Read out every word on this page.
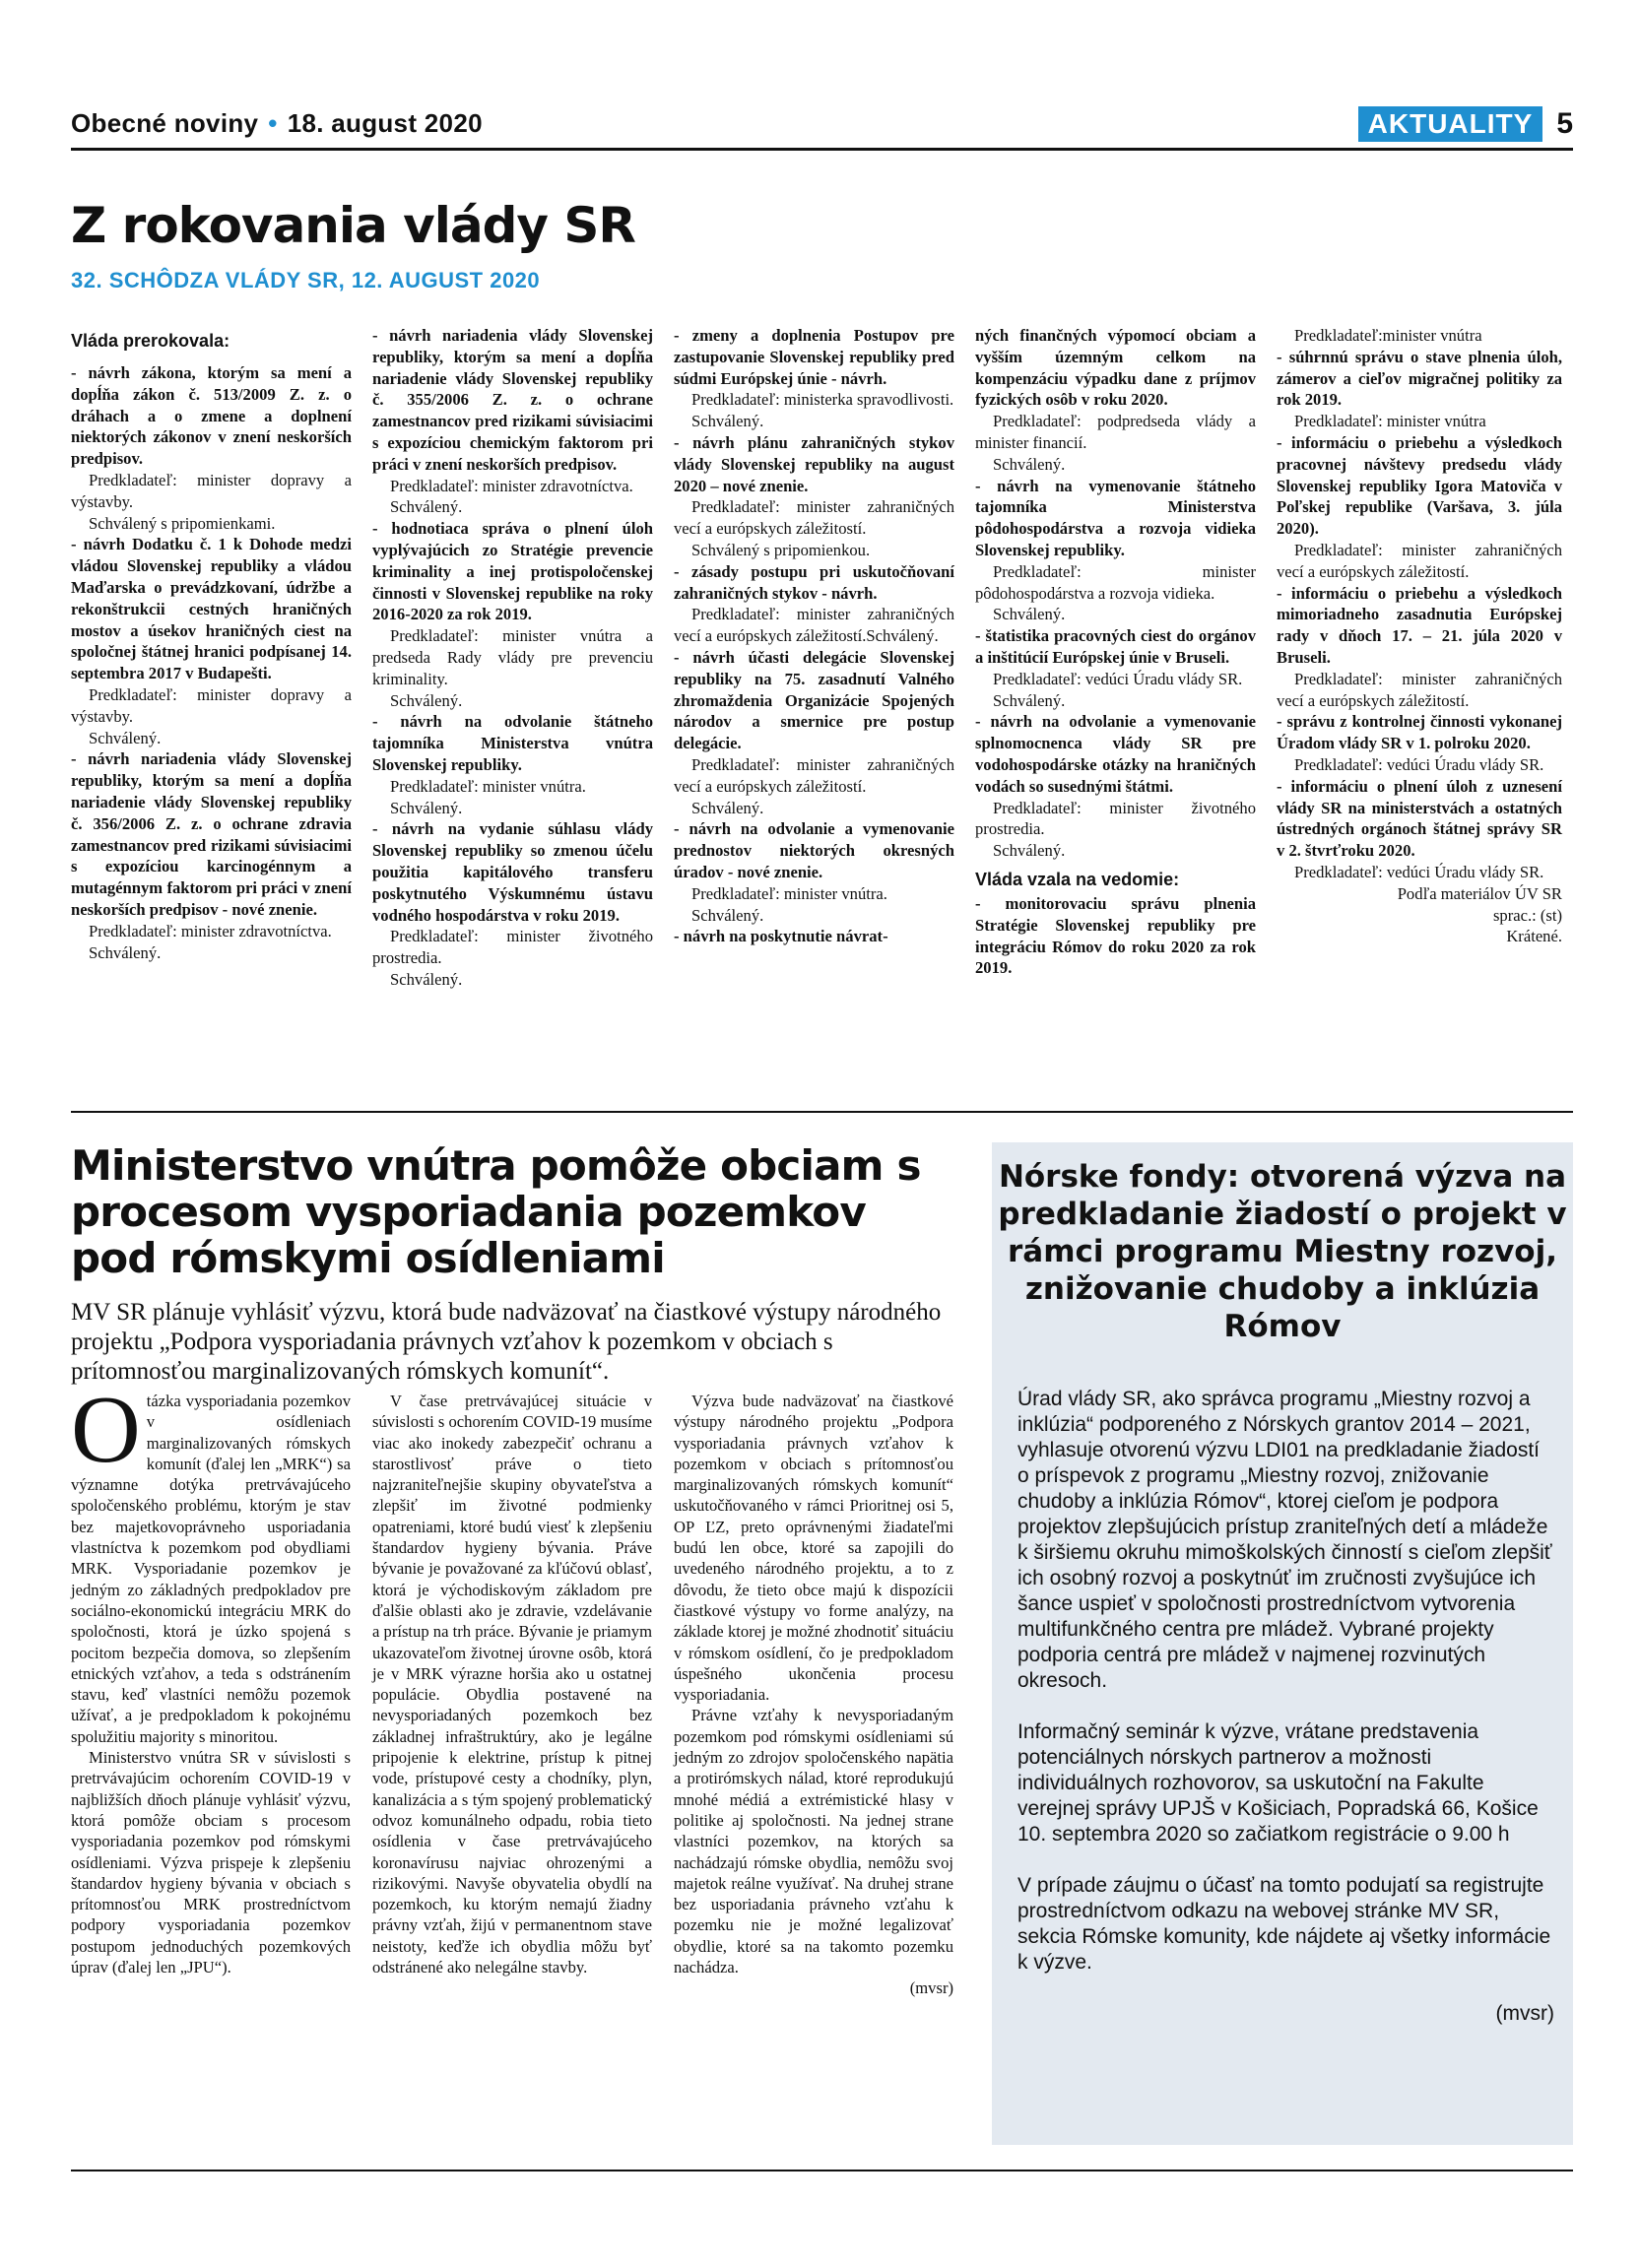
Obecné noviny • 18. august 2020	AKTUALITY 5
Z rokovania vlády SR
32. SCHÔDZA VLÁDY SR, 12. AUGUST 2020

Vláda prerokovala:

- návrh zákona, ktorým sa mení a dopĺňa zákon č. 513/2009 Z. z. o dráhach a o zmene a doplnení niektorých zákonov v znení neskorších predpisov.

Predkladateľ: minister dopravy a výstavby.

Schválený s pripomienkami.

- návrh Dodatku č. 1 k Dohode medzi vládou Slovenskej republiky a vládou Maďarska o prevádzkovaní, údržbe a rekonštrukcii cestných hraničných mostov a úsekov hraničných ciest na spoločnej štátnej hranici podpísanej 14. septembra 2017 v Budapešti.

Predkladateľ: minister dopravy a výstavby.

Schválený.

- návrh nariadenia vlády Slovenskej republiky, ktorým sa mení a dopĺňa nariadenie vlády Slovenskej republiky č. 356/2006 Z. z. o ochrane zdravia zamestnancov pred rizikami súvisiacimi s expozíciou karcinogénnym a mutagénnym faktorom pri práci v znení neskorších predpisov - nové znenie.

Predkladateľ: minister zdravotníctva.

Schválený.

- návrh nariadenia vlády Slovenskej republiky, ktorým sa mení a dopĺňa nariadenie vlády Slovenskej republiky č. 355/2006 Z. z. o ochrane zamestnancov pred rizikami súvisiacimi s expozíciou chemickým faktorom pri práci v znení neskorších predpisov.

Predkladateľ: minister zdravotníctva.

Schválený.

- hodnotiaca správa o plnení úloh vyplývajúcich zo Stratégie prevencie kriminality a inej protispoločenskej činnosti v Slovenskej republike na roky 2016-2020 za rok 2019.

Predkladateľ: minister vnútra a predseda Rady vlády pre prevenciu kriminality.

Schválený.

- návrh na odvolanie štátneho tajomníka Ministerstva vnútra Slovenskej republiky.

Predkladateľ: minister vnútra.

Schválený.

- návrh na vydanie súhlasu vlády Slovenskej republiky so zmenou účelu použitia kapitálového transferu poskytnutého Výskumnému ústavu vodného hospodárstva v roku 2019.

Predkladateľ: minister životného prostredia.

Schválený.

- zmeny a doplnenia Postupov pre zastupovanie Slovenskej republiky pred súdmi Európskej únie - návrh.

Predkladateľ: ministerka spravodlivosti.

Schválený.

- návrh plánu zahraničných stykov vlády Slovenskej republiky na august 2020 – nové znenie.

Predkladateľ: minister zahraničných vecí a európskych záležitostí.

Schválený s pripomienkou.

- zásady postupu pri uskutočňovaní zahraničných stykov - návrh.

Predkladateľ: minister zahraničných vecí a európskych záležitostí.Schválený.

- návrh účasti delegácie Slovenskej republiky na 75. zasadnutí Valného zhromaždenia Organizácie Spojených národov a smernice pre postup delegácie.

Predkladateľ: minister zahraničných vecí a európskych záležitostí.

Schválený.

- návrh na odvolanie a vymenovanie prednostov niektorých okresných úradov - nové znenie.

Predkladateľ: minister vnútra.

Schválený.

- návrh na poskytnutie návrat-

ných finančných výpomocí obciam a vyšším územným celkom na kompenzáciu výpadku dane z príjmov fyzických osôb v roku 2020.

Predkladateľ: podpredseda vlády a minister financií.

Schválený.

- návrh na vymenovanie štátneho tajomníka Ministerstva pôdohospodárstva a rozvoja vidieka Slovenskej republiky.

Predkladateľ: minister pôdohospodárstva a rozvoja vidieka.

Schválený.

- štatistika pracovných ciest do orgánov a inštitúcií Európskej únie v Bruseli.

Predkladateľ: vedúci Úradu vlády SR.

Schválený.

- návrh na odvolanie a vymenovanie splnomocnenca vlády SR pre vodohospodárske otázky na hraničných vodách so susednými štátmi.

Predkladateľ: minister životného prostredia.

Schválený.

Vláda vzala na vedomie:

- monitorovaciu správu plnenia Stratégie Slovenskej republiky pre integráciu Rómov do roku 2020 za rok 2019.

Predkladateľ:minister vnútra

- súhrnnú správu o stave plnenia úloh, zámerov a cieľov migračnej politiky za rok 2019.

Predkladateľ: minister vnútra

- informáciu o priebehu a výsledkoch pracovnej návštevy predsedu vlády Slovenskej republiky Igora Matoviča v Poľskej republike (Varšava, 3. júla 2020).

Predkladateľ: minister zahraničných vecí a európskych záležitostí.

- informáciu o priebehu a výsledkoch mimoriadneho zasadnutia Európskej rady v dňoch 17. – 21. júla 2020 v Bruseli.

Predkladateľ: minister zahraničných vecí a európskych záležitostí.

- správu z kontrolnej činnosti vykonanej Úradom vlády SR v 1. polroku 2020.

Predkladateľ: vedúci Úradu vlády SR.

- informáciu o plnení úloh z uznesení vlády SR na ministerstvách a ostatných ústredných orgánoch štátnej správy SR v 2. štvrťroku 2020.

Predkladateľ: vedúci Úradu vlády SR.

Podľa materiálov ÚV SR

sprac.: (st)

Krátené.

Ministerstvo vnútra pomôže obciam s procesom vysporiadania pozemkov pod rómskymi osídleniami
MV SR plánuje vyhlásiť výzvu, ktorá bude nadväzovať na čiastkové výstupy národného projektu „Podpora vysporiadania právnych vzťahov k pozemkom v obciach s prítomnosťou marginalizovaných rómskych komunít“.

Otázka vysporiadania pozemkov v osídleniach marginalizovaných rómskych komunít (ďalej len „MRK“) sa významne dotýka pretrvávajúceho spoločenského problému, ktorým je stav bez majetkovoprávneho usporiadania vlastníctva k pozemkom pod obydliami MRK. Vysporiadanie pozemkov je jedným zo základných predpokladov pre sociálno-ekonomickú integráciu MRK do spoločnosti, ktorá je úzko spojená s pocitom bezpečia domova, so zlepšením etnických vzťahov, a teda s odstránením stavu, keď vlastníci nemôžu pozemok užívať, a je predpokladom k pokojnému spolužitiu majority s minoritou.

Ministerstvo vnútra SR v súvislosti s pretrvávajúcim ochorením COVID-19 v najbližších dňoch plánuje vyhlásiť výzvu, ktorá pomôže obciam s procesom vysporiadania pozemkov pod rómskymi osídleniami. Výzva prispeje k zlepšeniu štandardov hygieny bývania v obciach s prítomnosťou MRK prostredníctvom podpory vysporiadania pozemkov postupom jednoduchých pozemkových úprav (ďalej len „JPU“).

V čase pretrvávajúcej situácie v súvislosti s ochorením COVID-19 musíme viac ako inokedy zabezpečiť ochranu a starostlivosť práve o tieto najzraniteľnejšie skupiny obyvateľstva a zlepšiť im životné podmienky opatreniami, ktoré budú viesť k zlepšeniu štandardov hygieny bývania. Práve bývanie je považované za kľúčovú oblasť, ktorá je východiskovým základom pre ďalšie oblasti ako je zdravie, vzdelávanie a prístup na trh práce. Bývanie je priamym ukazovateľom životnej úrovne osôb, ktorá je v MRK výrazne horšia ako u ostatnej populácie. Obydlia postavené na nevysporiadaných pozemkoch bez základnej infraštruktúry, ako je legálne pripojenie k elektrine, prístup k pitnej vode, prístupové cesty a chodníky, plyn, kanalizácia a s tým spojený problematický odvoz komunálneho odpadu, robia tieto osídlenia v čase pretrvávajúceho koronavírusu najviac ohrozenými a rizikovými. Navyše obyvatelia obydlí na pozemkoch, ku ktorým nemajú žiadny právny vzťah, žijú v permanentnom stave neistoty, keďže ich obydlia môžu byť odstránené ako nelegálne stavby.

Výzva bude nadväzovať na čiastkové výstupy národného projektu „Podpora vysporiadania právnych vzťahov k pozemkom v obciach s prítomnosťou marginalizovaných rómskych komunít“ uskutočňovaného v rámci Prioritnej osi 5, OP ĽZ, preto oprávnenými žiadateľmi budú len obce, ktoré sa zapojili do uvedeného národného projektu, a to z dôvodu, že tieto obce majú k dispozícii čiastkové výstupy vo forme analýzy, na základe ktorej je možné zhodnotiť situáciu v rómskom osídlení, čo je predpokladom úspešného ukončenia procesu vysporiadania.

Právne vzťahy k nevysporiadaným pozemkom pod rómskymi osídleniami sú jedným zo zdrojov spoločenského napätia a protirómskych nálad, ktoré reprodukujú mnohé médiá a extrémistické hlasy v politike aj spoločnosti. Na jednej strane vlastníci pozemkov, na ktorých sa nachádzajú rómske obydlia, nemôžu svoj majetok reálne využívať. Na druhej strane bez usporiadania právneho vzťahu k pozemku nie je možné legalizovať obydlie, ktoré sa na takomto pozemku nachádza.

(mvsr)

Nórske fondy: otvorená výzva na predkladanie žiadostí o projekt v rámci programu Miestny rozvoj, znižovanie chudoby a inklúzia Rómov

Úrad vlády SR, ako správca programu „Miestny rozvoj a inklúzia“ podporeného z Nórskych grantov 2014 – 2021, vyhlasuje otvorenú výzvu LDI01 na predkladanie žiadostí o príspevok z programu „Miestny rozvoj, znižovanie chudoby a inklúzia Rómov“, ktorej cieľom je podpora projektov zlepšujúcich prístup zraniteľných detí a mládeže k širšiemu okruhu mimoškolských činností s cieľom zlepšiť ich osobný rozvoj a poskytnúť im zručnosti zvyšujúce ich šance uspieť v spoločnosti prostredníctvom vytvorenia multifunkčného centra pre mládež. Vybrané projekty podporia centrá pre mládež v najmenej rozvinutých okresoch.

Informačný seminár k výzve, vrátane predstavenia potenciálnych nórskych partnerov a možnosti individuálnych rozhovorov, sa uskutoční na Fakulte verejnej správy UPJŠ v Košiciach, Popradská 66, Košice 10. septembra 2020 so začiatkom registrácie o 9.00 h

V prípade záujmu o účasť na tomto podujatí sa registrujte prostredníctvom odkazu na webovej stránke MV SR, sekcia Rómske komunity, kde nájdete aj všetky informácie k výzve.

(mvsr)
